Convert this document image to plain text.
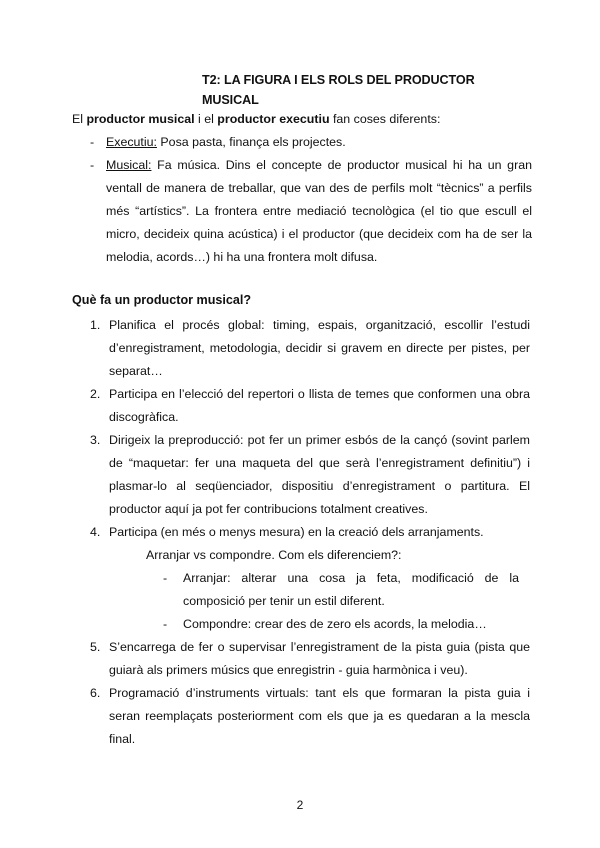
T2: LA FIGURA I ELS ROLS DEL PRODUCTOR MUSICAL
El productor musical i el productor executiu fan coses diferents:
- Executiu: Posa pasta, finança els projectes.
- Musical: Fa música. Dins el concepte de productor musical hi ha un gran ventall de manera de treballar, que van des de perfils molt “tècnics” a perfils més “artístics”. La frontera entre mediació tecnològica (el tio que escull el micro, decideix quina acústica) i el productor (que decideix com ha de ser la melodia, acords…) hi ha una frontera molt difusa.
Què fa un productor musical?
1. Planifica el procés global: timing, espais, organització, escollir l’estudi d’enregistrament, metodologia, decidir si gravem en directe per pistes, per separat…
2. Participa en l’elecció del repertori o llista de temes que conformen una obra discogràfica.
3. Dirigeix la preproducció: pot fer un primer esbós de la cançó (sovint parlem de “maquetar: fer una maqueta del que serà l’enregistrament definitiu”) i plasmar-lo al seqüenciador, dispositiu d’enregistrament o partitura. El productor aquí ja pot fer contribucions totalment creatives.
4. Participa (en més o menys mesura) en la creació dels arranjaments.
Arranjar vs compondre. Com els diferenciem?:
- Arranjar: alterar una cosa ja feta, modificació de la composició per tenir un estil diferent.
- Compondre: crear des de zero els acords, la melodia…
5. S’encarrega de fer o supervisar l’enregistrament de la pista guia (pista que guiarà als primers músics que enregistrin - guia harmònica i veu).
6. Programació d’instruments virtuals: tant els que formaran la pista guia i seran reemplaçats posteriorment com els que ja es quedaran a la mescla final.
2
